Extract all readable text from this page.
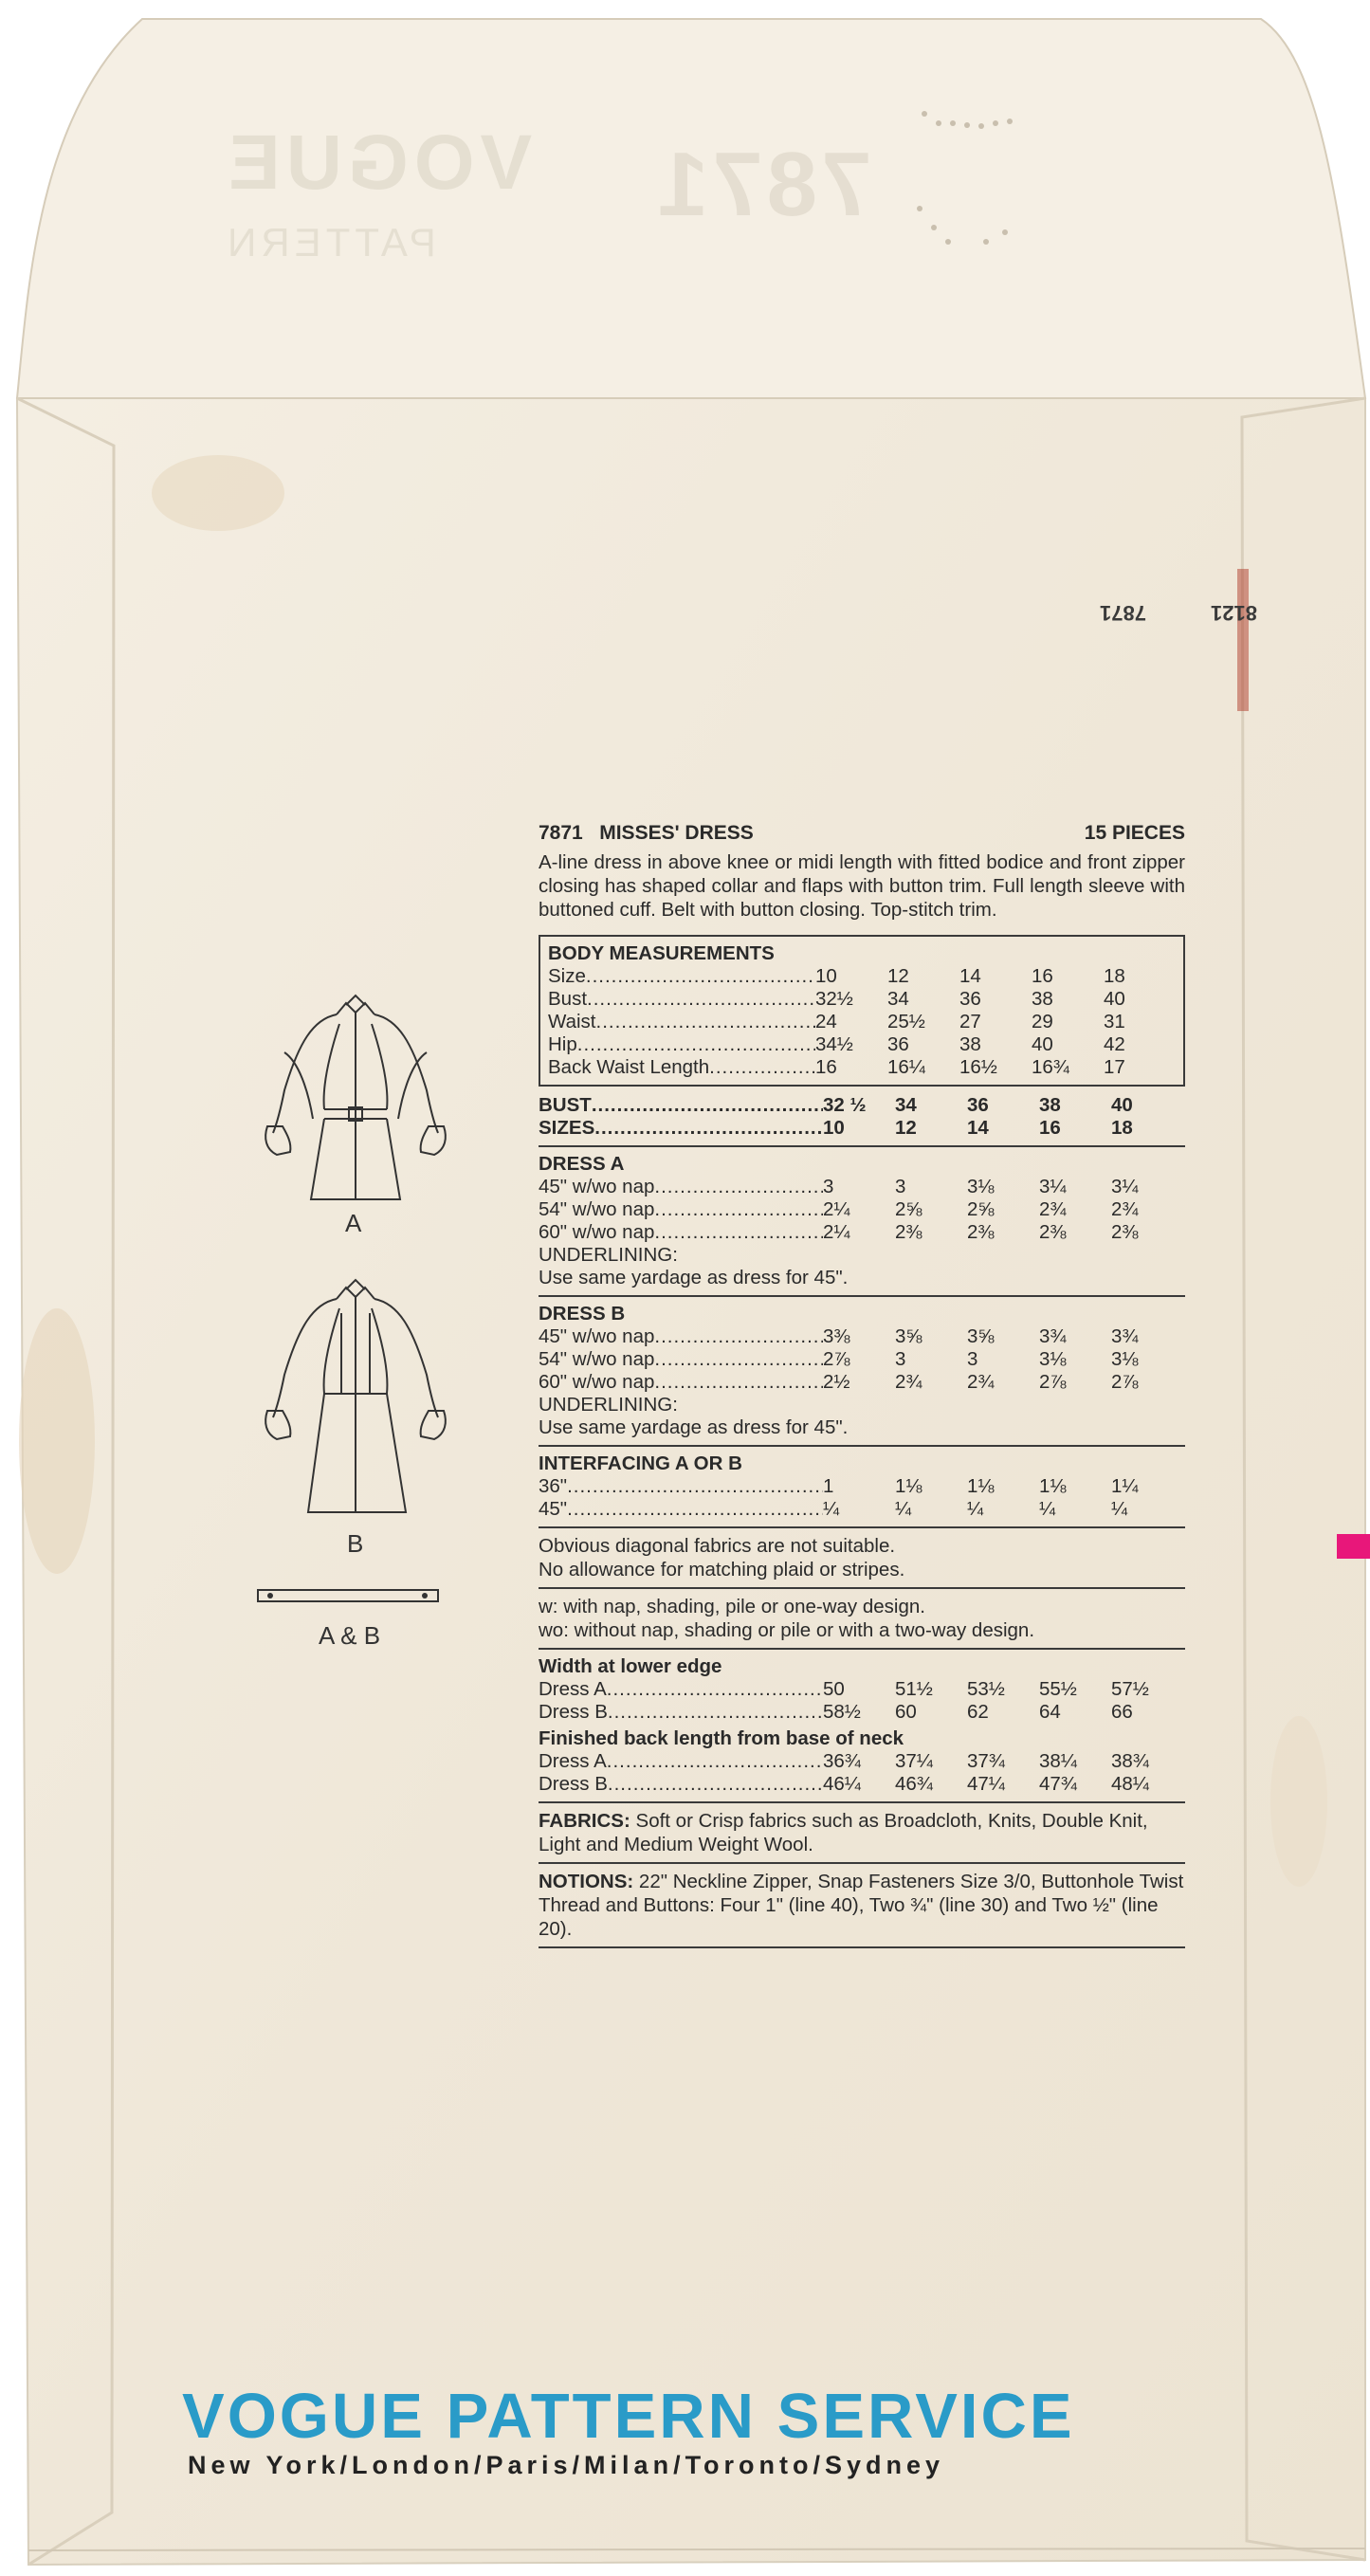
VOGUE
PATTERN
7871
7871	8121
A
B
A & B
7871 MISSES' DRESS	15 PIECES
A-line dress in above knee or midi length with fitted bodice and front zipper closing has shaped collar and flaps with button trim. Full length sleeve with buttoned cuff. Belt with button closing. Top-stitch trim.
BODY MEASUREMENTS
Size .....	10	12	14	16	18
Bust .....	32½	34	36	38	40
Waist .....	24	25½	27	29	31
Hip .....	34½	36	38	40	42
Back Waist Length .....	16	16¼	16½	16¾	17
BUST .....	32 ½	34	36	38	40
SIZES .....	10	12	14	16	18
DRESS A
45" w/wo nap .....	3	3	3⅛	3¼	3¼
54" w/wo nap .....	2¼	2⅝	2⅝	2¾	2¾
60" w/wo nap .....	2¼	2⅜	2⅜	2⅜	2⅜
UNDERLINING:
Use same yardage as dress for 45".
DRESS B
45" w/wo nap .....	3⅜	3⅝	3⅝	3¾	3¾
54" w/wo nap .....	2⅞	3	3	3⅛	3⅛
60" w/wo nap .....	2½	2¾	2¾	2⅞	2⅞
UNDERLINING:
Use same yardage as dress for 45".
INTERFACING A OR B
36" .....	1	1⅛	1⅛	1⅛	1¼
45" .....	¼	¼	¼	¼	¼
Obvious diagonal fabrics are not suitable.
No allowance for matching plaid or stripes.
w: with nap, shading, pile or one-way design.
wo: without nap, shading or pile or with a two-way design.
Width at lower edge
Dress A .....	50	51½	53½	55½	57½
Dress B .....	58½	60	62	64	66
Finished back length from base of neck
Dress A .....	36¾	37¼	37¾	38¼	38¾
Dress B .....	46¼	46¾	47¼	47¾	48¼
FABRICS: Soft or Crisp fabrics such as Broadcloth, Knits, Double Knit, Light and Medium Weight Wool.
NOTIONS: 22" Neckline Zipper, Snap Fasteners Size 3/0, Buttonhole Twist Thread and Buttons: Four 1" (line 40), Two ¾" (line 30) and Two ½" (line 20).
VOGUE PATTERN SERVICE
New York/London/Paris/Milan/Toronto/Sydney
